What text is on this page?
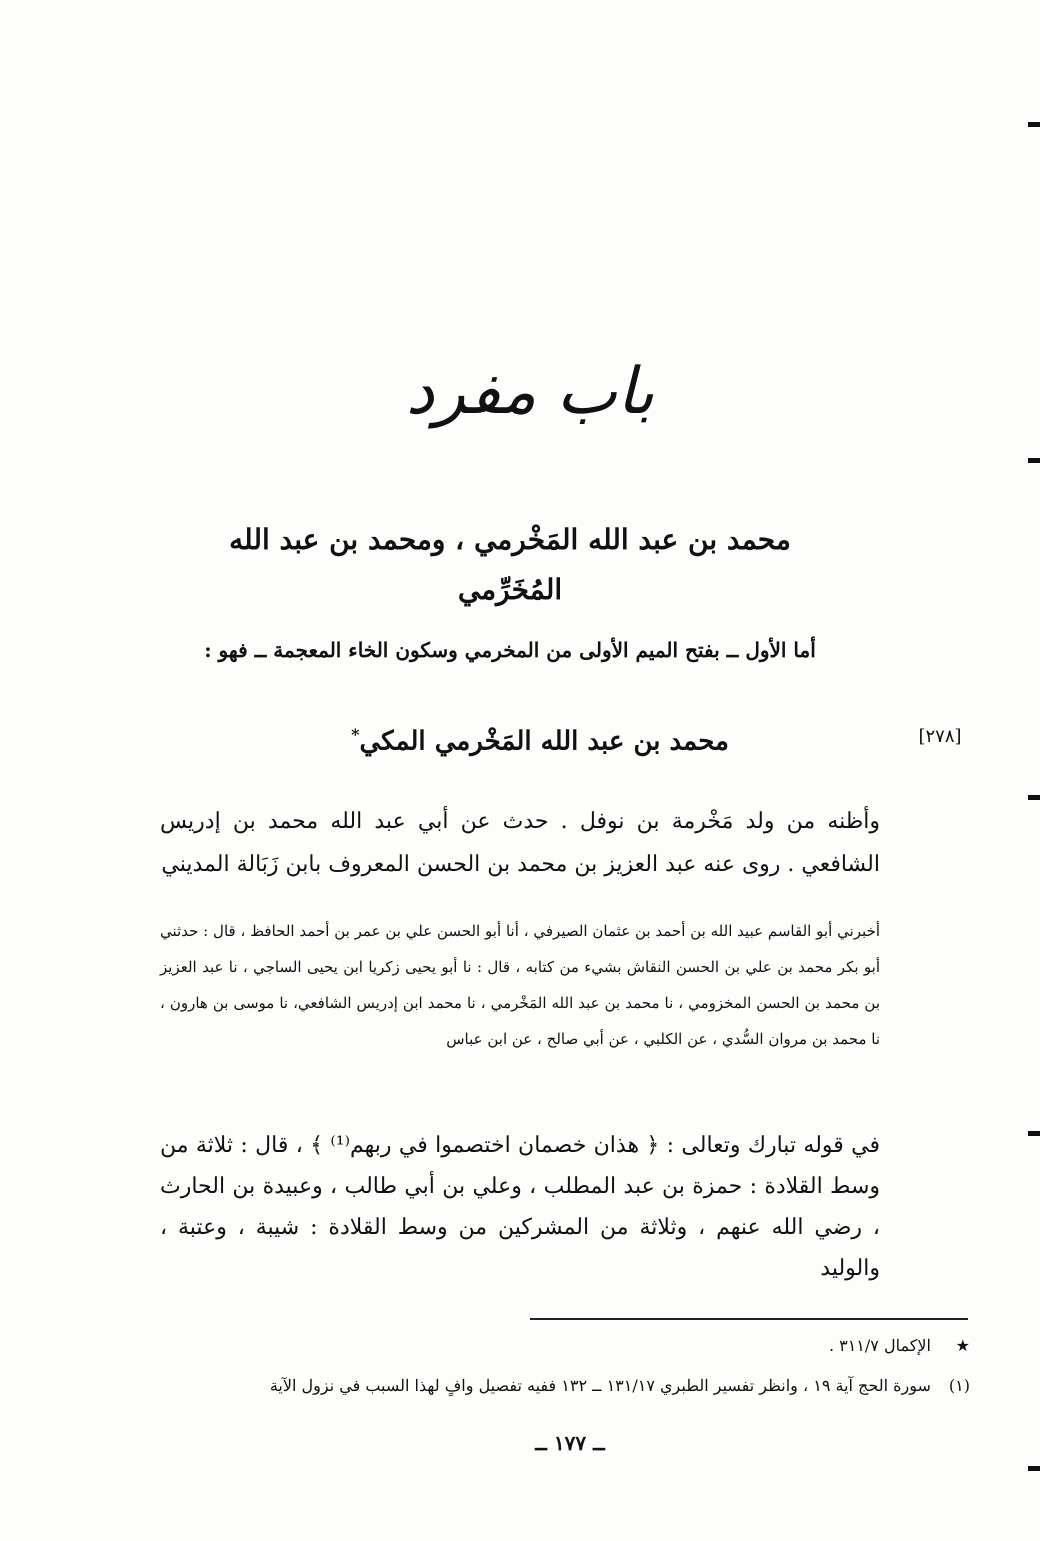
باب مفرد
محمد بن عبد الله المَخْرمي ، ومحمد بن عبد الله المُخَرِّمي
أما الأول ــ بفتح الميم الأولى من المخرمي وسكون الخاء المعجمة ــ فهو :
[٢٧٨]
محمد بن عبد الله المَخْرمي المكي*

وأظنه من ولد مَخْرمة بن نوفل . حدث عن أبي عبد الله محمد بن إدريس الشافعي . روى عنه عبد العزيز بن محمد بن الحسن المعروف بابن زَبَالة المديني

أخبرني أبو القاسم عبيد الله بن أحمد بن عثمان الصيرفي ، أنا أبو الحسن علي بن عمر بن أحمد الحافظ ، قال : حدثني أبو بكر محمد بن علي بن الحسن النقاش بشيء من كتابه ، قال : نا أبو يحيى زكريا ابن يحيى الساجي ، نا عبد العزيز بن محمد بن الحسن المخزومي ، نا محمد بن عبد الله المَخْرمي ، نا محمد ابن إدريس الشافعي، نا موسى بن هارون ، نا محمد بن مروان السُّدي ، عن الكلبي ، عن أبي صالح ، عن ابن عباس

في قوله تبارك وتعالى : ﴿ هذان خصمان اختصموا في ربهم⁽¹⁾ ﴾ ، قال : ثلاثة من وسط القلادة : حمزة بن عبد المطلب ، وعلي بن أبي طالب ، وعبيدة بن الحارث ، رضي الله عنهم ، وثلاثة من المشركين من وسط القلادة : شيبة ، وعتبة ، والوليد

★ الإكمال ٣١١/٧ .
(١) سورة الحج آية ١٩ ، وانظر تفسير الطبري ١٣١/١٧ ــ ١٣٢ ففيه تفصيل وافٍ لهذا السبب في نزول الآية
ــ ١٧٧ ــ
